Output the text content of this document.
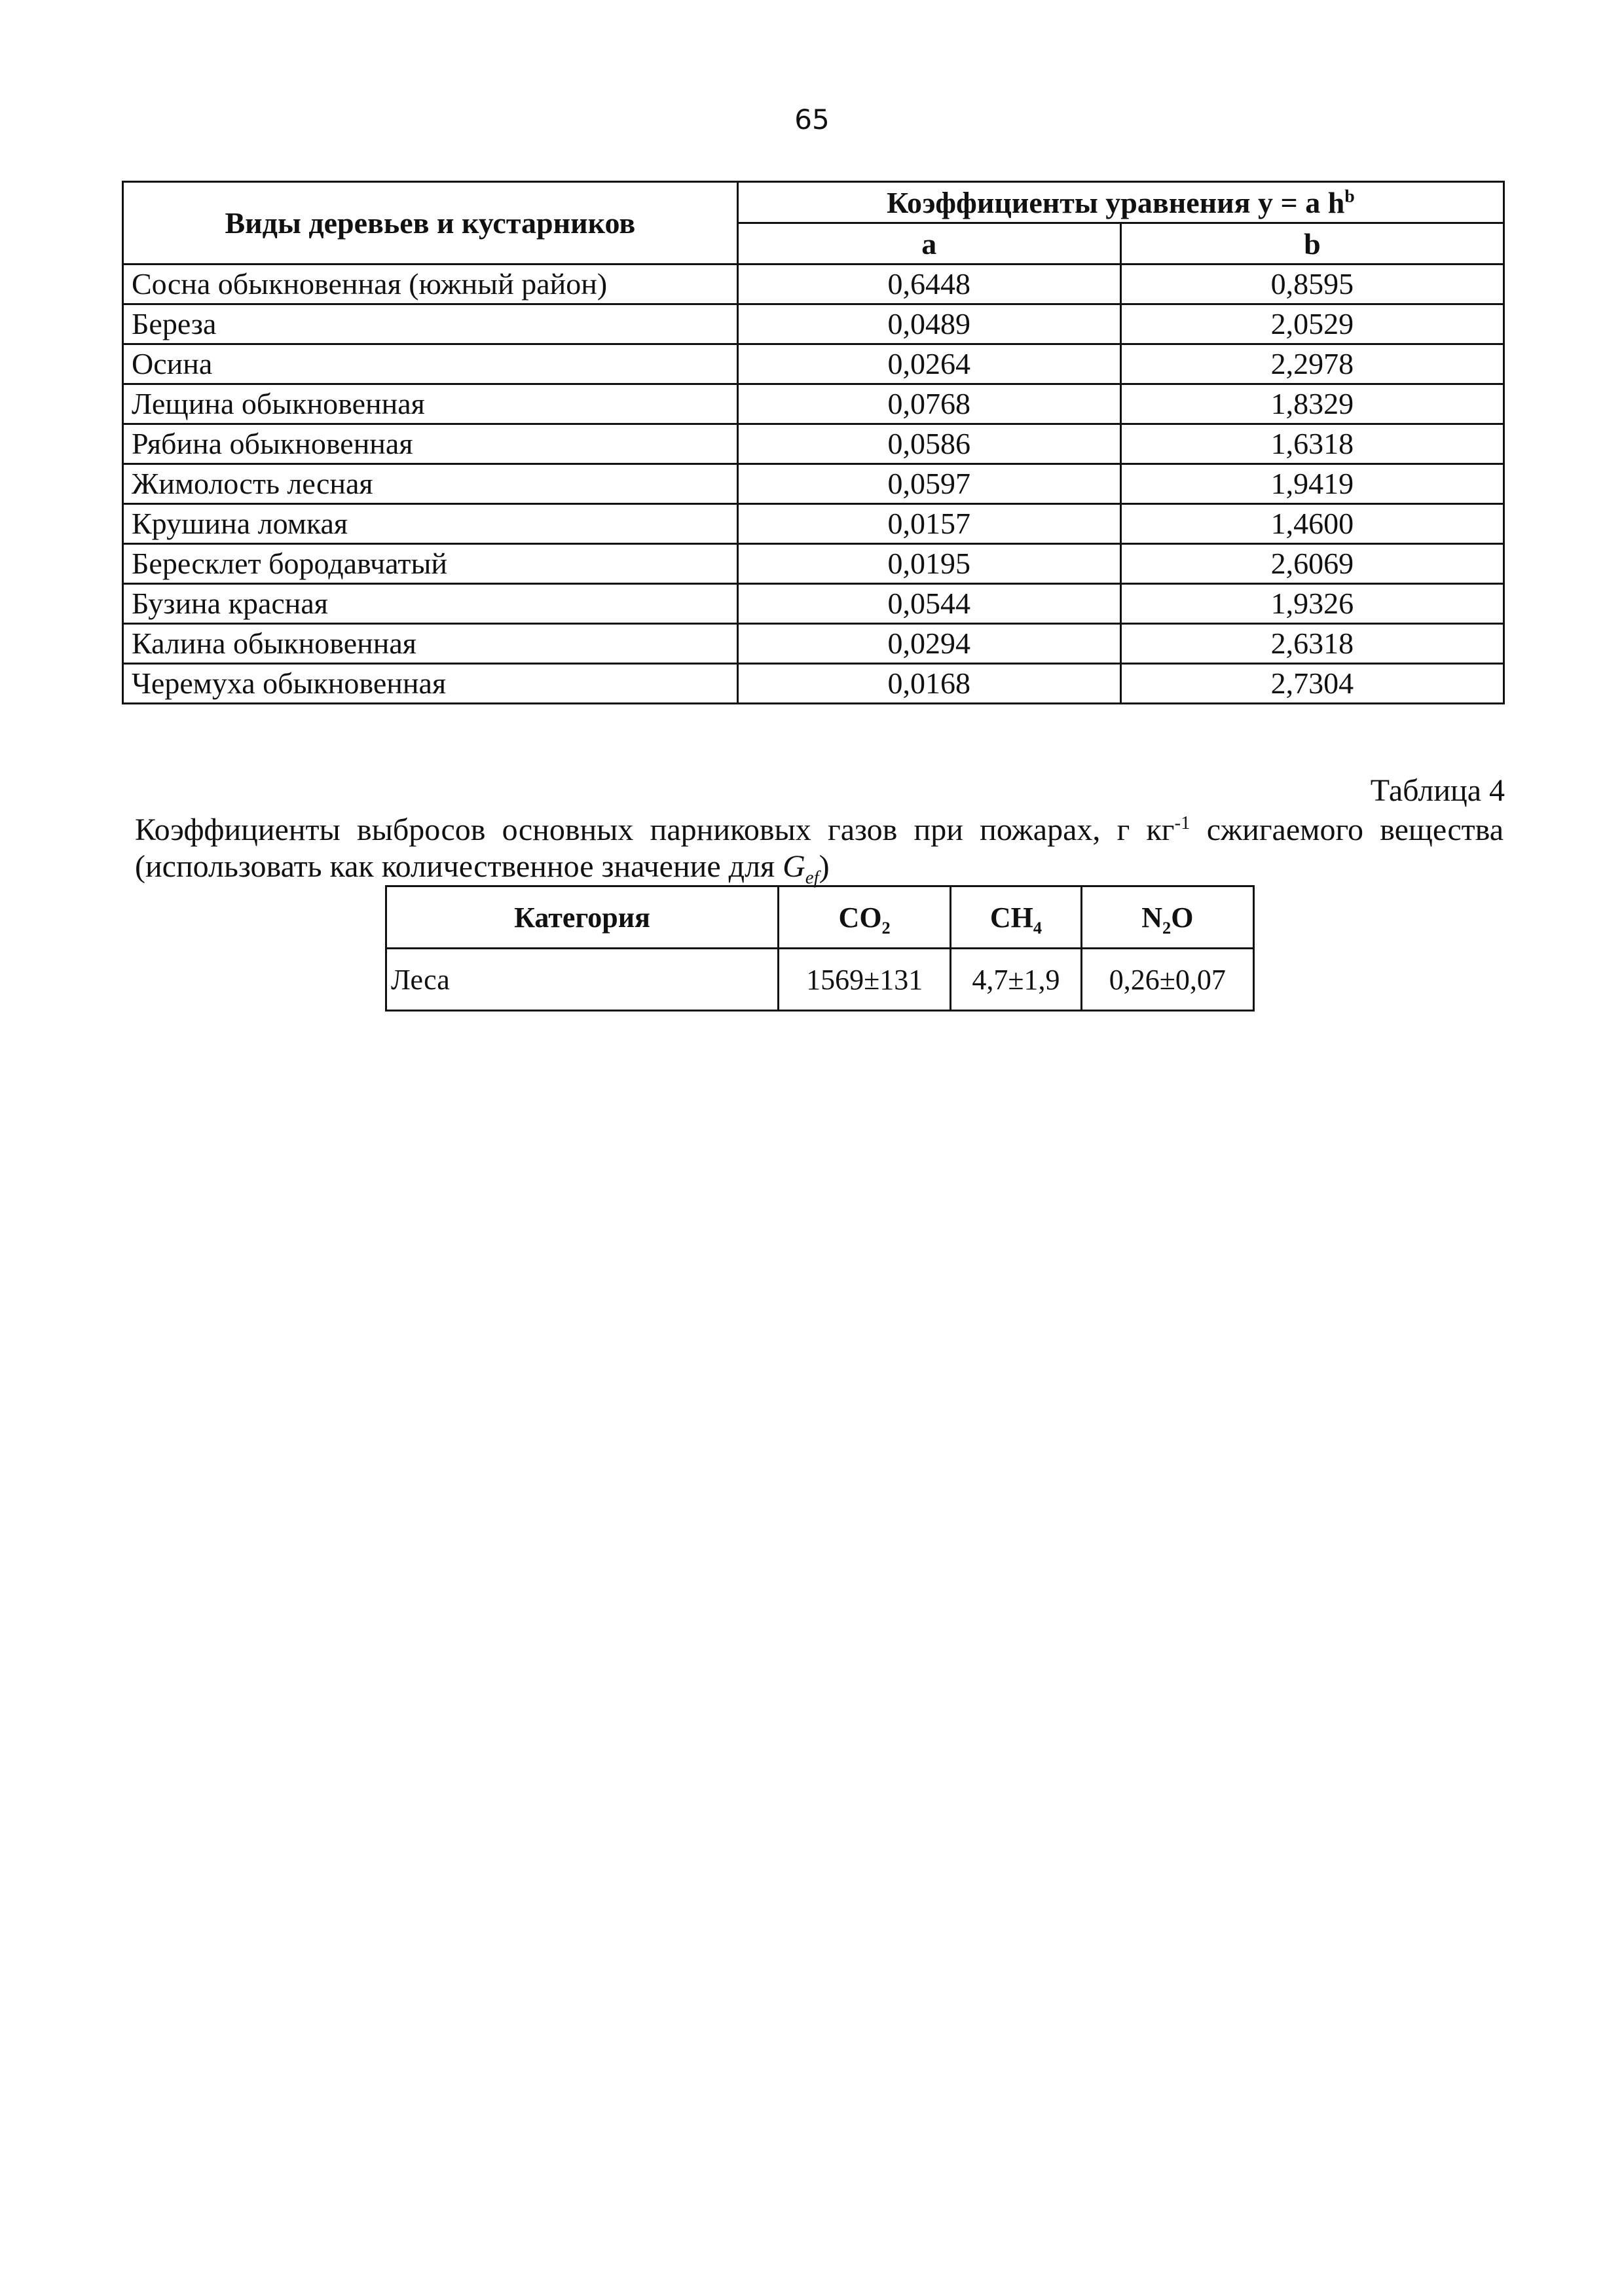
65
Виды деревьев и кустарников	Коэффициенты уравнения y = a $h^b$
	a	b
Сосна обыкновенная (южный район)	0,6448	0,8595
Береза	0,0489	2,0529
Осина	0,0264	2,2978
Лещина обыкновенная	0,0768	1,8329
Рябина обыкновенная	0,0586	1,6318
Жимолость лесная	0,0597	1,9419
Крушина ломкая	0,0157	1,4600
Бересклет бородавчатый	0,0195	2,6069
Бузина красная	0,0544	1,9326
Калина обыкновенная	0,0294	2,6318
Черемуха обыкновенная	0,0168	2,7304
Таблица 4
Коэффициенты выбросов основных парниковых газов при пожарах, г $кг^{-1}$ сжигаемого вещества (использовать как количественное значение для $G_{ef}$)
Категория	$CO_2$	$CH_4$	$N_2O$
Леса	1569±131	4,7±1,9	0,26±0,07
